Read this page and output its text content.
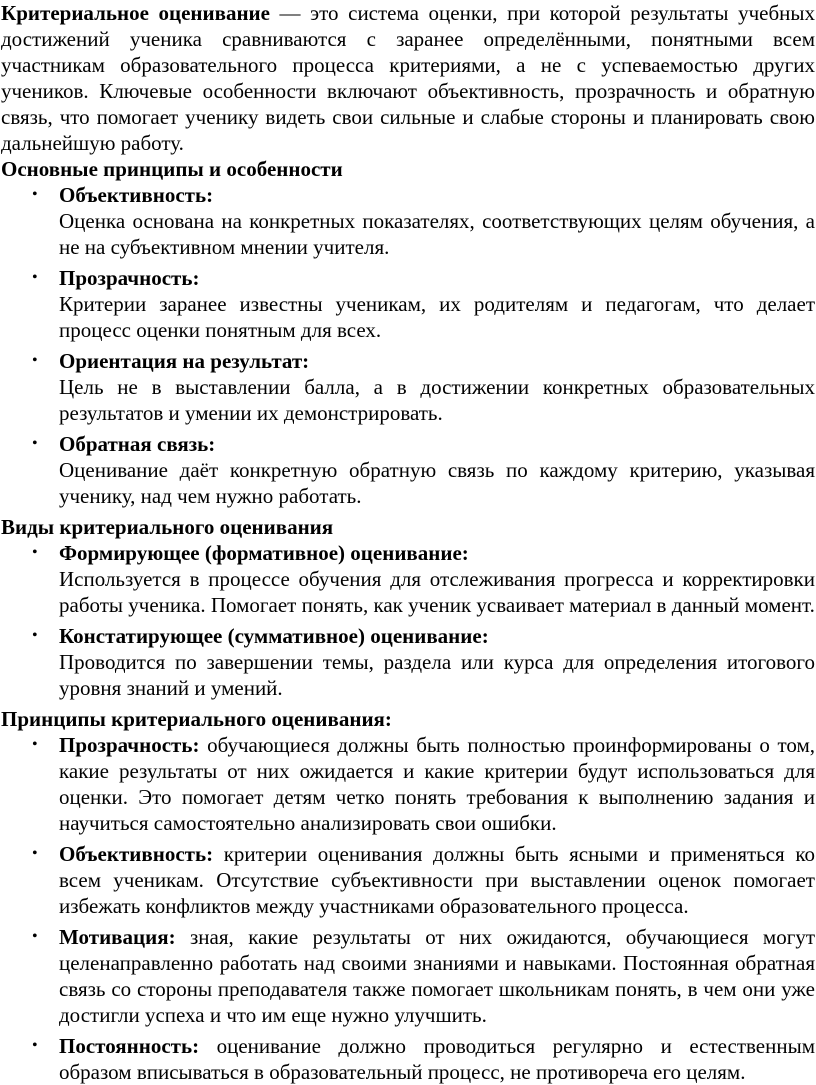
Критериальное оценивание — это система оценки, при которой результаты учебных достижений ученика сравниваются с заранее определёнными, понятными всем участникам образовательного процесса критериями, а не с успеваемостью других учеников. Ключевые особенности включают объективность, прозрачность и обратную связь, что помогает ученику видеть свои сильные и слабые стороны и планировать свою дальнейшую работу.

Основные принципы и особенности
• Объективность:
Оценка основана на конкретных показателях, соответствующих целям обучения, а не на субъективном мнении учителя.
• Прозрачность:
Критерии заранее известны ученикам, их родителям и педагогам, что делает процесс оценки понятным для всех.
• Ориентация на результат:
Цель не в выставлении балла, а в достижении конкретных образовательных результатов и умении их демонстрировать.
• Обратная связь:
Оценивание даёт конкретную обратную связь по каждому критерию, указывая ученику, над чем нужно работать.
Виды критериального оценивания
• Формирующее (формативное) оценивание:
Используется в процессе обучения для отслеживания прогресса и корректировки работы ученика. Помогает понять, как ученик усваивает материал в данный момент.
• Констатирующее (суммативное) оценивание:
Проводится по завершении темы, раздела или курса для определения итогового уровня знаний и умений.
Принципы критериального оценивания:
• Прозрачность: обучающиеся должны быть полностью проинформированы о том, какие результаты от них ожидается и какие критерии будут использоваться для оценки. Это помогает детям четко понять требования к выполнению задания и научиться самостоятельно анализировать свои ошибки.
• Объективность: критерии оценивания должны быть ясными и применяться ко всем ученикам. Отсутствие субъективности при выставлении оценок помогает избежать конфликтов между участниками образовательного процесса.
• Мотивация: зная, какие результаты от них ожидаются, обучающиеся могут целенаправленно работать над своими знаниями и навыками. Постоянная обратная связь со стороны преподавателя также помогает школьникам понять, в чем они уже достигли успеха и что им еще нужно улучшить.
• Постоянность: оценивание должно проводиться регулярно и естественным образом вписываться в образовательный процесс, не противореча его целям.
